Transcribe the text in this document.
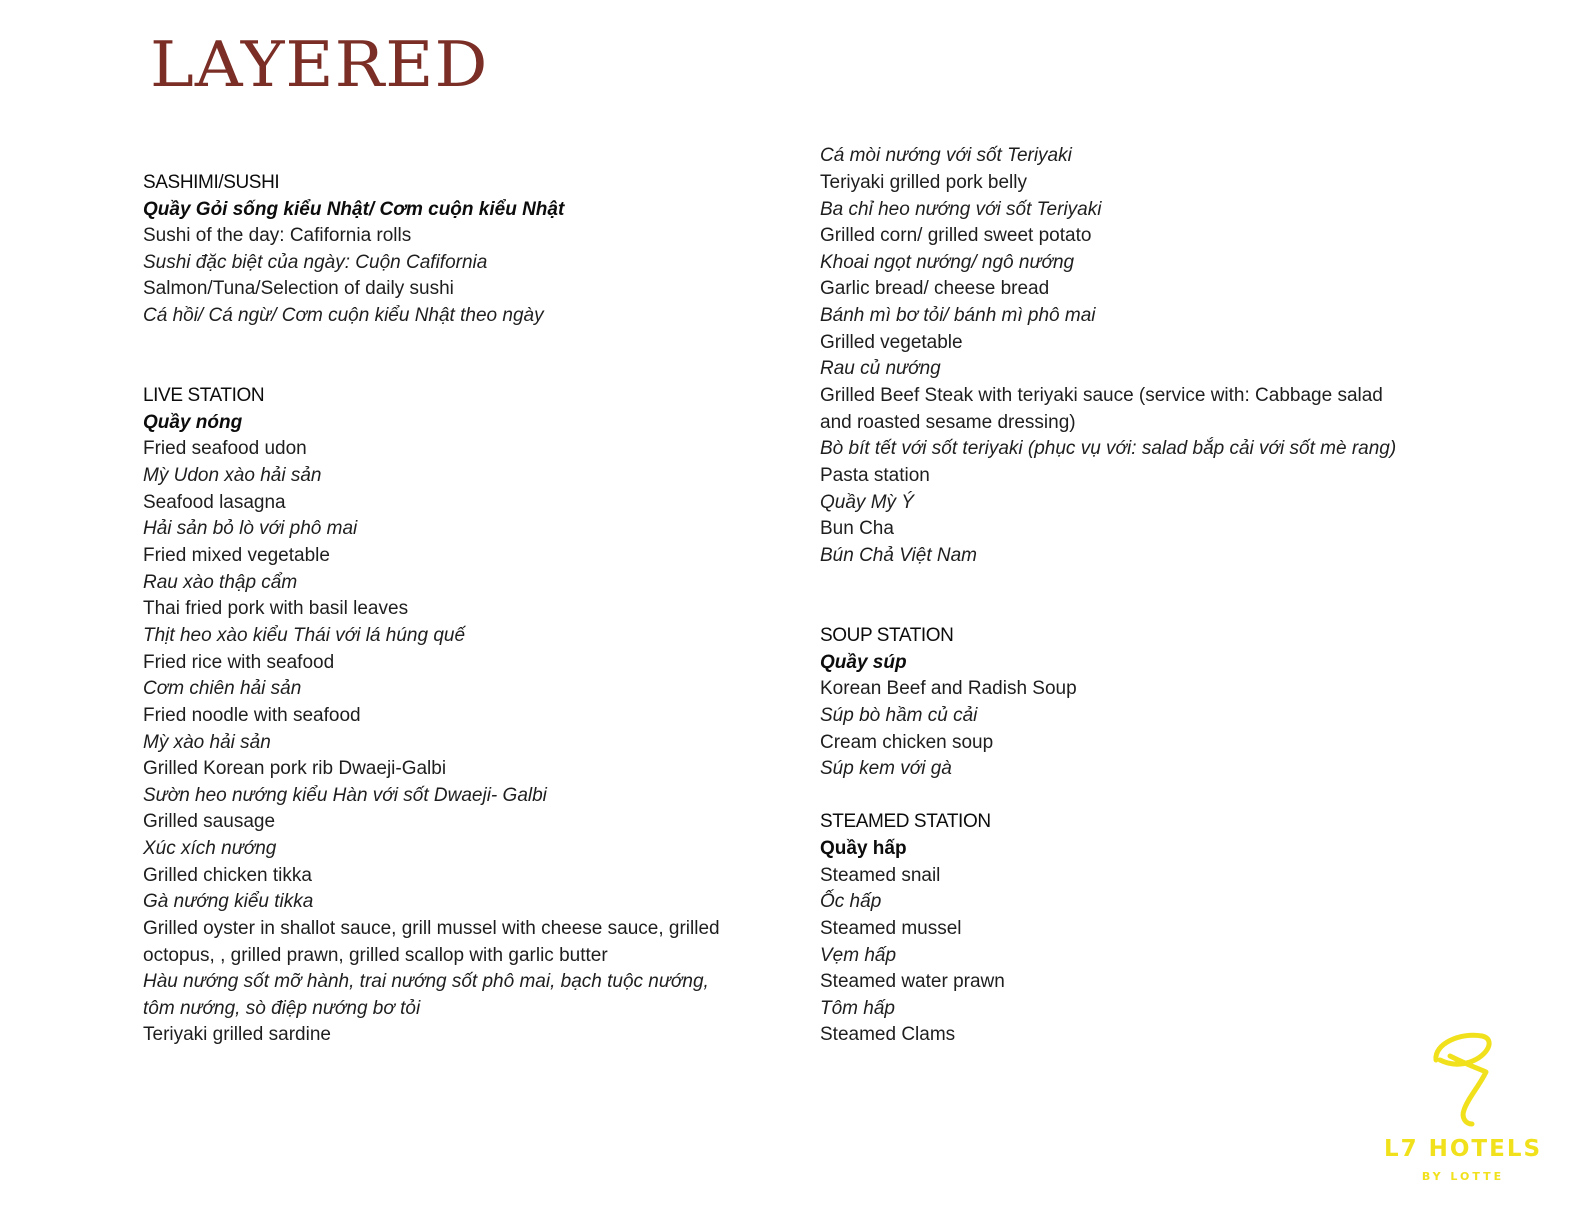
LAYERED
SASHIMI/SUSHI
Quầy Gỏi sống kiểu Nhật/ Cơm cuộn kiểu Nhật
Sushi of the day: Cafifornia rolls
Sushi đặc biệt của ngày: Cuộn Cafifornia
Salmon/Tuna/Selection of daily sushi
Cá hồi/ Cá ngừ/ Cơm cuộn kiểu Nhật theo ngày
LIVE STATION
Quầy nóng
Fried seafood udon
Mỳ Udon xào hải sản
Seafood lasagna
Hải sản bỏ lò với phô mai
Fried mixed vegetable
Rau xào thập cẩm
Thai fried pork with basil leaves
Thịt heo xào kiểu Thái với lá húng quế
Fried rice with seafood
Cơm chiên hải sản
Fried noodle with seafood
Mỳ xào hải sản
Grilled Korean pork rib Dwaeji-Galbi
Sườn heo nướng kiểu Hàn với sốt Dwaeji- Galbi
Grilled sausage
Xúc xích nướng
Grilled chicken tikka
Gà nướng kiểu tikka
Grilled oyster in shallot sauce, grill mussel with cheese sauce, grilled
octopus, , grilled prawn, grilled scallop with garlic butter
Hàu nướng sốt mỡ hành, trai nướng sốt phô mai, bạch tuộc nướng,
tôm nướng, sò điệp nướng bơ tỏi
Teriyaki grilled sardine
Cá mòi nướng với sốt Teriyaki
Teriyaki grilled pork belly
Ba chỉ heo nướng với sốt Teriyaki
Grilled corn/ grilled sweet potato
Khoai ngọt nướng/ ngô nướng
Garlic bread/ cheese bread
Bánh mì bơ tỏi/ bánh mì phô mai
Grilled vegetable
Rau củ nướng
Grilled Beef Steak with teriyaki sauce (service with: Cabbage salad
and roasted sesame dressing)
Bò bít tết với sốt teriyaki (phục vụ với: salad bắp cải với sốt mè rang)
Pasta station
Quầy Mỳ Ý
Bun Cha
Bún Chả Việt Nam
SOUP STATION
Quầy súp
Korean Beef and Radish Soup
Súp bò hầm củ cải
Cream chicken soup
Súp kem với gà
STEAMED STATION
Quầy hấp
Steamed snail
Ốc hấp
Steamed mussel
Vẹm hấp
Steamed water prawn
Tôm hấp
Steamed Clams
L7 HOTELS
BY LOTTE
